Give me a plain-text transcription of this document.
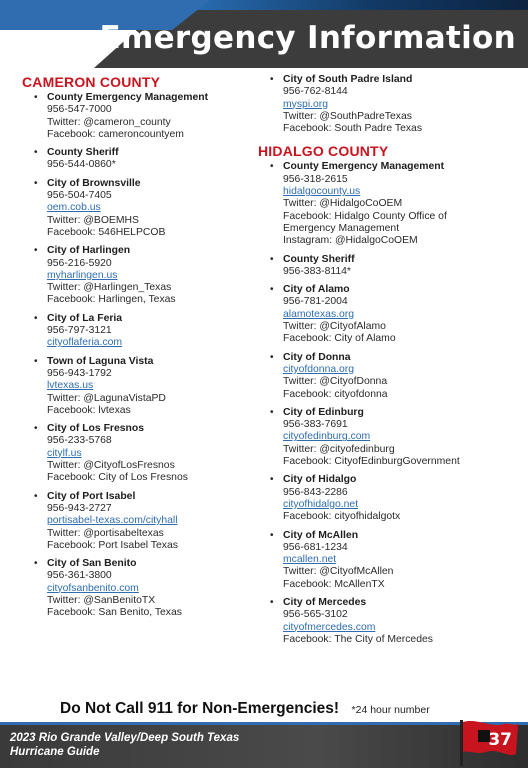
Emergency Information
CAMERON COUNTY
• County Emergency Management
956-547-7000
Twitter: @cameron_county
Facebook: cameroncountyem
• County Sheriff
956-544-0860*
• City of Brownsville
956-504-7405
oem.cob.us
Twitter: @BOEMHS
Facebook: 546HELPCOB
• City of Harlingen
956-216-5920
myharlingen.us
Twitter: @Harlingen_Texas
Facebook: Harlingen, Texas
• City of La Feria
956-797-3121
cityoflaferia.com
• Town of Laguna Vista
956-943-1792
lvtexas.us
Twitter: @LagunaVistaPD
Facebook: lvtexas
• City of Los Fresnos
956-233-5768
citylf.us
Twitter: @CityofLosFresnos
Facebook: City of Los Fresnos
• City of Port Isabel
956-943-2727
portisabel-texas.com/cityhall
Twitter: @portisabeltexas
Facebook: Port Isabel Texas
• City of San Benito
956-361-3800
cityofsanbenito.com
Twitter: @SanBenitoTX
Facebook: San Benito, Texas
• City of South Padre Island
956-762-8144
myspi.org
Twitter: @SouthPadreTexas
Facebook: South Padre Texas
HIDALGO COUNTY
• County Emergency Management
956-318-2615
hidalgocounty.us
Twitter: @HidalgoCoOEM
Facebook: Hidalgo County Office of
Emergency Management
Instagram: @HidalgoCoOEM
• County Sheriff
956-383-8114*
• City of Alamo
956-781-2004
alamotexas.org
Twitter: @CityofAlamo
Facebook: City of Alamo
• City of Donna
cityofdonna.org
Twitter: @CityofDonna
Facebook: cityofdonna
• City of Edinburg
956-383-7691
cityofedinburg.com
Twitter: @cityofedinburg
Facebook: CityofEdinburgGovernment
• City of Hidalgo
956-843-2286
cityofhidalgo.net
Facebook: cityofhidalgotx
• City of McAllen
956-681-1234
mcallen.net
Twitter: @CityofMcAllen
Facebook: McAllenTX
• City of Mercedes
956-565-3102
cityofmercedes.com
Facebook: The City of Mercedes
Do Not Call 911 for Non-Emergencies! *24 hour number
2023 Rio Grande Valley/Deep South Texas
Hurricane Guide
37
